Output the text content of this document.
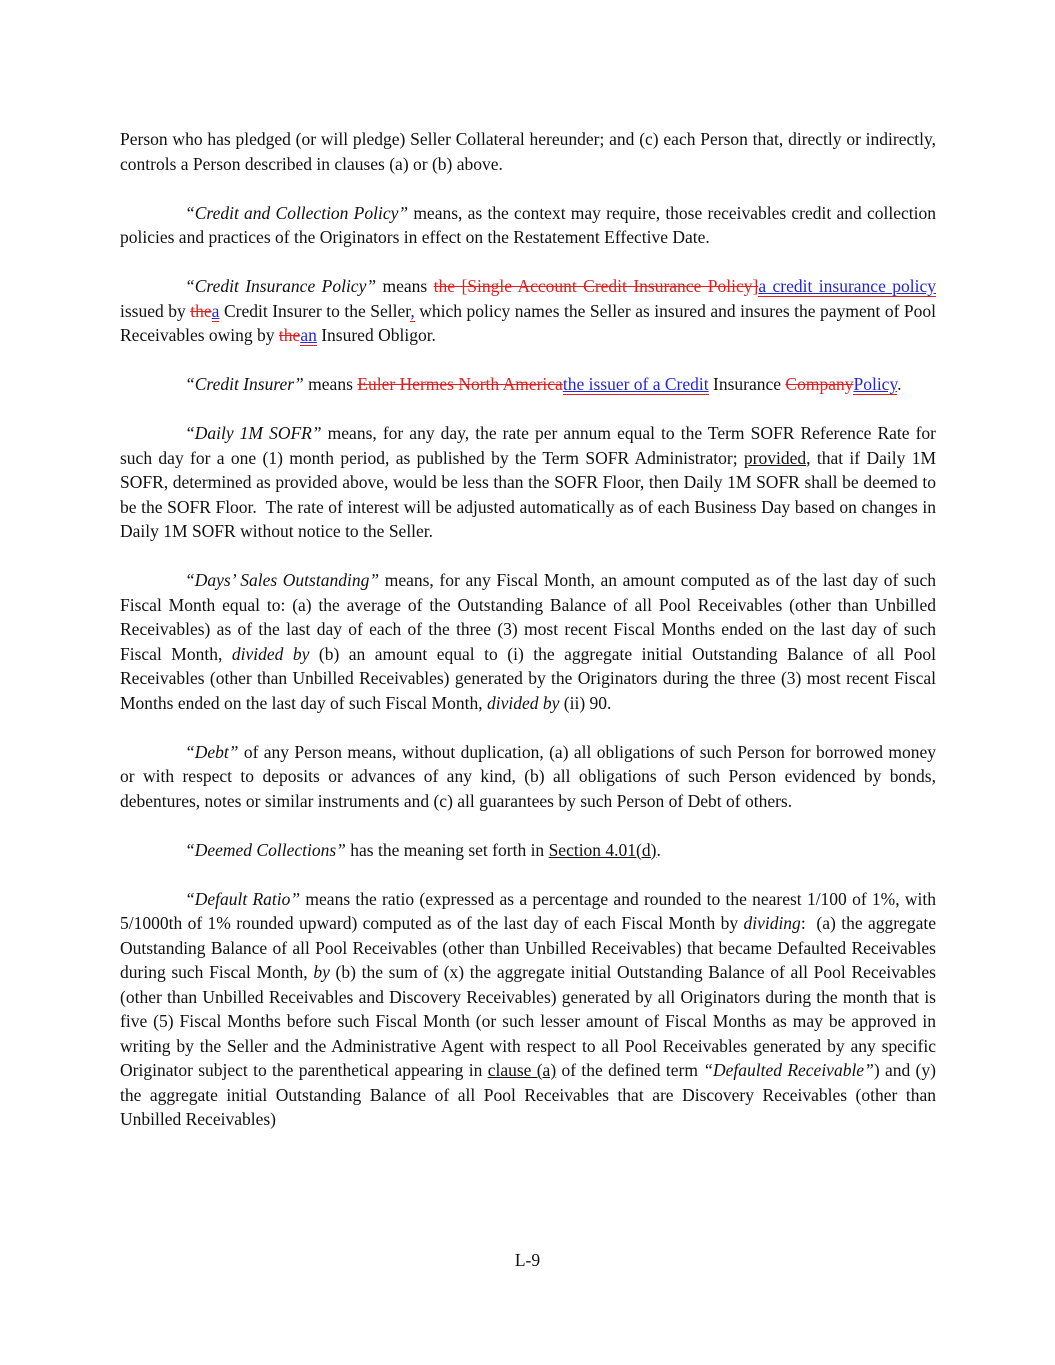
Person who has pledged (or will pledge) Seller Collateral hereunder; and (c) each Person that, directly or indirectly, controls a Person described in clauses (a) or (b) above.
“Credit and Collection Policy” means, as the context may require, those receivables credit and collection policies and practices of the Originators in effect on the Restatement Effective Date.
“Credit Insurance Policy” means the [Single Account Credit Insurance Policy]a credit insurance policy issued by thea Credit Insurer to the Seller, which policy names the Seller as insured and insures the payment of Pool Receivables owing by thean Insured Obligor.
“Credit Insurer” means Euler Hermes North Americathe issuer of a Credit Insurance CompanyPolicy.
“Daily 1M SOFR” means, for any day, the rate per annum equal to the Term SOFR Reference Rate for such day for a one (1) month period, as published by the Term SOFR Administrator; provided, that if Daily 1M SOFR, determined as provided above, would be less than the SOFR Floor, then Daily 1M SOFR shall be deemed to be the SOFR Floor.  The rate of interest will be adjusted automatically as of each Business Day based on changes in Daily 1M SOFR without notice to the Seller.
“Days’ Sales Outstanding” means, for any Fiscal Month, an amount computed as of the last day of such Fiscal Month equal to: (a) the average of the Outstanding Balance of all Pool Receivables (other than Unbilled Receivables) as of the last day of each of the three (3) most recent Fiscal Months ended on the last day of such Fiscal Month, divided by (b) an amount equal to (i) the aggregate initial Outstanding Balance of all Pool Receivables (other than Unbilled Receivables) generated by the Originators during the three (3) most recent Fiscal Months ended on the last day of such Fiscal Month, divided by (ii) 90.
“Debt” of any Person means, without duplication, (a) all obligations of such Person for borrowed money or with respect to deposits or advances of any kind, (b) all obligations of such Person evidenced by bonds, debentures, notes or similar instruments and (c) all guarantees by such Person of Debt of others.
“Deemed Collections” has the meaning set forth in Section 4.01(d).
“Default Ratio” means the ratio (expressed as a percentage and rounded to the nearest 1/100 of 1%, with 5/1000th of 1% rounded upward) computed as of the last day of each Fiscal Month by dividing:  (a) the aggregate Outstanding Balance of all Pool Receivables (other than Unbilled Receivables) that became Defaulted Receivables during such Fiscal Month, by (b) the sum of (x) the aggregate initial Outstanding Balance of all Pool Receivables (other than Unbilled Receivables and Discovery Receivables) generated by all Originators during the month that is five (5) Fiscal Months before such Fiscal Month (or such lesser amount of Fiscal Months as may be approved in writing by the Seller and the Administrative Agent with respect to all Pool Receivables generated by any specific Originator subject to the parenthetical appearing in clause (a) of the defined term “Defaulted Receivable”) and (y) the aggregate initial Outstanding Balance of all Pool Receivables that are Discovery Receivables (other than Unbilled Receivables)
L-9
